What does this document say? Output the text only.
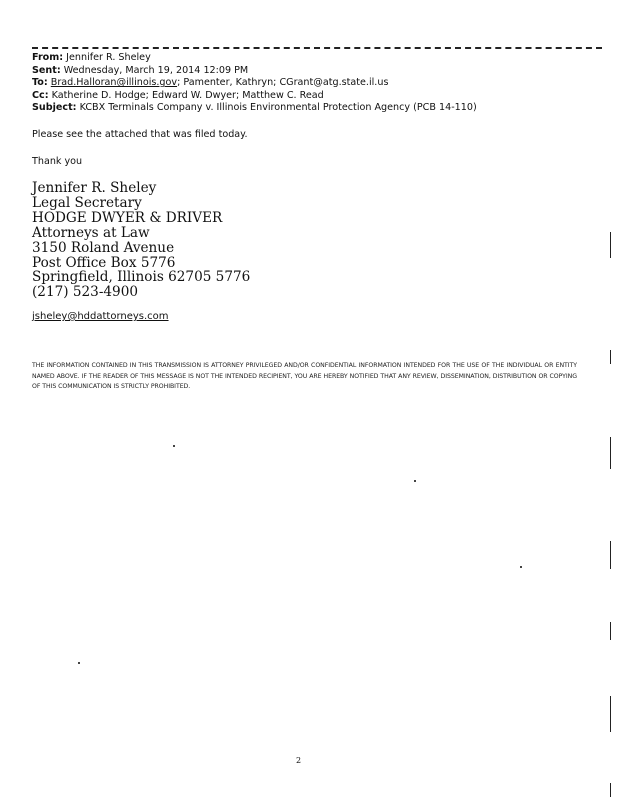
From: Jennifer R. Sheley
Sent: Wednesday, March 19, 2014 12:09 PM
To: Brad.Halloran@illinois.gov; Pamenter, Kathryn; CGrant@atg.state.il.us
Cc: Katherine D. Hodge; Edward W. Dwyer; Matthew C. Read
Subject: KCBX Terminals Company v. Illinois Environmental Protection Agency (PCB 14-110)
Please see the attached that was filed today.
Thank you
Jennifer R. Sheley
Legal Secretary
HODGE DWYER & DRIVER
Attorneys at Law
3150 Roland Avenue
Post Office Box 5776
Springfield, Illinois 62705 5776
(217) 523-4900
jsheley@hddattorneys.com
THE INFORMATION CONTAINED IN THIS TRANSMISSION IS ATTORNEY PRIVILEGED AND/OR CONFIDENTIAL INFORMATION INTENDED FOR THE USE OF THE INDIVIDUAL OR ENTITY NAMED ABOVE. IF THE READER OF THIS MESSAGE IS NOT THE INTENDED RECIPIENT, YOU ARE HEREBY NOTIFIED THAT ANY REVIEW, DISSEMINATION, DISTRIBUTION OR COPYING OF THIS COMMUNICATION IS STRICTLY PROHIBITED.
2
